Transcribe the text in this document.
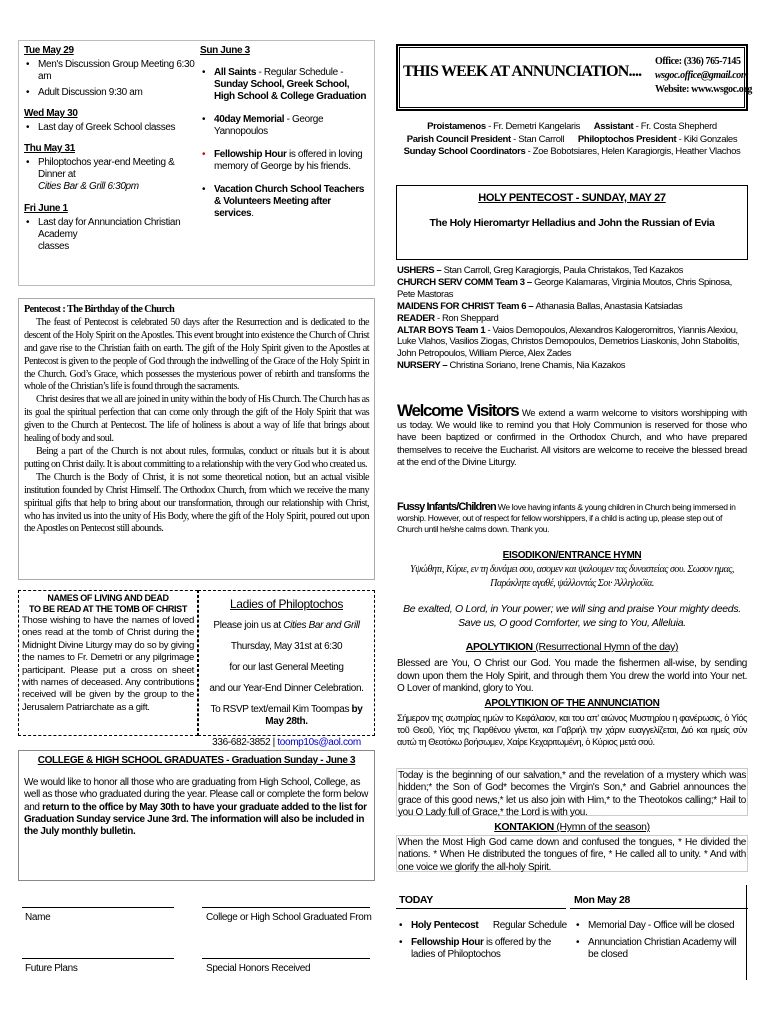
Tue May 29
• Men's Discussion Group Meeting 6:30 am
• Adult Discussion 9:30 am
Wed May 30
• Last day of Greek School classes
Thu May 31
• Philoptochos year-end Meeting & Dinner at
Cities Bar & Grill 6:30pm
Fri June 1
• Last day for Annunciation Christian Academy
classes
Sun June 3
• All Saints - Regular Schedule - Sunday School, Greek School, High School & College Graduation
• 40day Memorial - George Yannopoulos
• Fellowship Hour is offered in loving memory of George by his friends.
• Vacation Church School Teachers & Volunteers Meeting after services.
Pentecost : The Birthday of the Church

The feast of Pentecost is celebrated 50 days after the Resurrection and is dedicated to the descent of the Holy Spirit on the Apostles. This event brought into existence the Church of Christ and gave rise to the Christian faith on earth. The gift of the Holy Spirit given to the Apostles at Pentecost is given to the people of God through the indwelling of the Grace of the Holy Spirit in the Church. God’s Grace, which possesses the mysterious power of rebirth and transforms the whole of the Christian’s life is found through the sacraments.

Christ desires that we all are joined in unity within the body of His Church. The Church has as its goal the spiritual perfection that can come only through the gift of the Holy Spirit that was given to the Church at Pentecost. The life of holiness is about a way of life that brings about healing of body and soul.

Being a part of the Church is not about rules, formulas, conduct or rituals but it is about putting on Christ daily. It is about committing to a relationship with the very God who created us.

The Church is the Body of Christ, it is not some theoretical notion, but an actual visible institution founded by Christ Himself. The Orthodox Church, from which we receive the many spiritual gifts that help to bring about our transformation, through our relationship with Christ, who has invited us into the unity of His Body, where the gift of the Holy Spirit, poured out upon the Apostles on Pentecost still abounds.

NAMES OF LIVING AND DEAD
TO BE READ AT THE TOMB OF CHRIST
Those wishing to have the names of loved ones read at the tomb of Christ during the Midnight Divine Liturgy may do so by giving the names to Fr. Demetri or any pilgrimage participant. Please put a cross on sheet with names of deceased. Any contributions received will be given by the group to the Jerusalem Patriarchate as a gift.
Ladies of Philoptochos
Please join us at Cities Bar and Grill
Thursday, May 31st at 6:30
for our last General Meeting
and our Year-End Dinner Celebration.
To RSVP text/email Kim Toompas by May 28th.
336-682-3852 | toomp10s@aol.com
COLLEGE & HIGH SCHOOL GRADUATES - Graduation Sunday - June 3
We would like to honor all those who are graduating from High School, College, as well as those who graduated during the year. Please call or complete the form below and return to the office by May 30th to have your graduate added to the list for Graduation Sunday service June 3rd. The information will also be included in the July monthly bulletin.
Name	College or High School Graduated From
Future Plans	Special Honors Received
THIS WEEK AT ANNUNCIATION....
Office: (336) 765-7145
wsgoc.office@gmail.com
Website: www.wsgoc.org
Proistamenos - Fr. Demetri Kangelaris Assistant - Fr. Costa Shepherd
Parish Council President - Stan Carroll Philoptochos President - Kiki Gonzales
Sunday School Coordinators - Zoe Bobotsiares, Helen Karagiorgis, Heather Vlachos
HOLY PENTECOST - SUNDAY, MAY 27
The Holy Hieromartyr Helladius and John the Russian of Evia
USHERS – Stan Carroll, Greg Karagiorgis, Paula Christakos, Ted Kazakos
CHURCH SERV COMM Team 3 – George Kalamaras, Virginia Moutos, Chris Spinosa, Pete Mastoras
MAIDENS FOR CHRIST Team 6 – Athanasia Ballas, Anastasia Katsiadas
READER - Ron Sheppard
ALTAR BOYS Team 1 - Vaios Demopoulos, Alexandros Kalogeromitros, Yiannis Alexiou, Luke Vlahos, Vasilios Ziogas, Christos Demopoulos, Demetrios Liaskonis, John Stabolitis, John Petropoulos, William Pierce, Alex Zades
NURSERY – Christina Soriano, Irene Chamis, Nia Kazakos
Welcome Visitors We extend a warm welcome to visitors worshipping with us today. We would like to remind you that Holy Communion is reserved for those who have been baptized or confirmed in the Orthodox Church, and who have prepared themselves to receive the Eucharist. All visitors are welcome to receive the blessed bread at the end of the Divine Liturgy.
Fussy Infants/Children We love having infants & young children in Church being immersed in worship. However, out of respect for fellow worshippers, if a child is acting up, please step out of Church until he/she calms down. Thank you.
EISODIKON/ENTRANCE HYMN
Υψώθητι, Κύριε, εν τη δυνάμει σου, ασομεν και ψαλουμεν τας δυναστείας σου. Σωσον ημας, Παράκλητε αγαθέ, ψάλλοντάς Σοι· Ἀλληλούϊα.
Be exalted, O Lord, in Your power; we will sing and praise Your mighty deeds. Save us, O good Comforter, we sing to You, Alleluia.
APOLYTIKION (Resurrectional Hymn of the day)
Blessed are You, O Christ our God. You made the fishermen all-wise, by sending down upon them the Holy Spirit, and through them You drew the world into Your net. O Lover of mankind, glory to You.
APOLYTIKION OF THE ANNUNCIATION
Σήμερον της σωτηρίας ημών το Κεφάλαιον, και του απ' αιώνος Μυστηρίου η φανέρωσις, ὁ Υἱός τοῦ Θεοῦ, Υἱός της Παρθένου γίνεται, και Γαβριήλ την χάριν ευαγγελίζεται, Διό και ημείς σύν αυτώ τη Θεοτόκω βοήσωμεν, Χαίρε Κεχαριτωμένη, ὁ Κύριος μετά σού.
Today is the beginning of our salvation,* and the revelation of a mystery which was hidden;* the Son of God* becomes the Virgin's Son,* and Gabriel announces the grace of this good news,* let us also join with Him,* to the Theotokos calling;* Hail to you O Lady full of Grace,* the Lord is with you.
KONTAKION (Hymn of the season)
When the Most High God came down and confused the tongues, * He divided the nations. * When He distributed the tongues of fire, * He called all to unity. * And with one voice we glorify the all-holy Spirit.
TODAY	Mon May 28
• Holy Pentecost      Regular Schedule
• Fellowship Hour is offered by the ladies of Philoptochos
• Memorial Day - Office will be closed
• Annunciation Christian Academy will be closed
